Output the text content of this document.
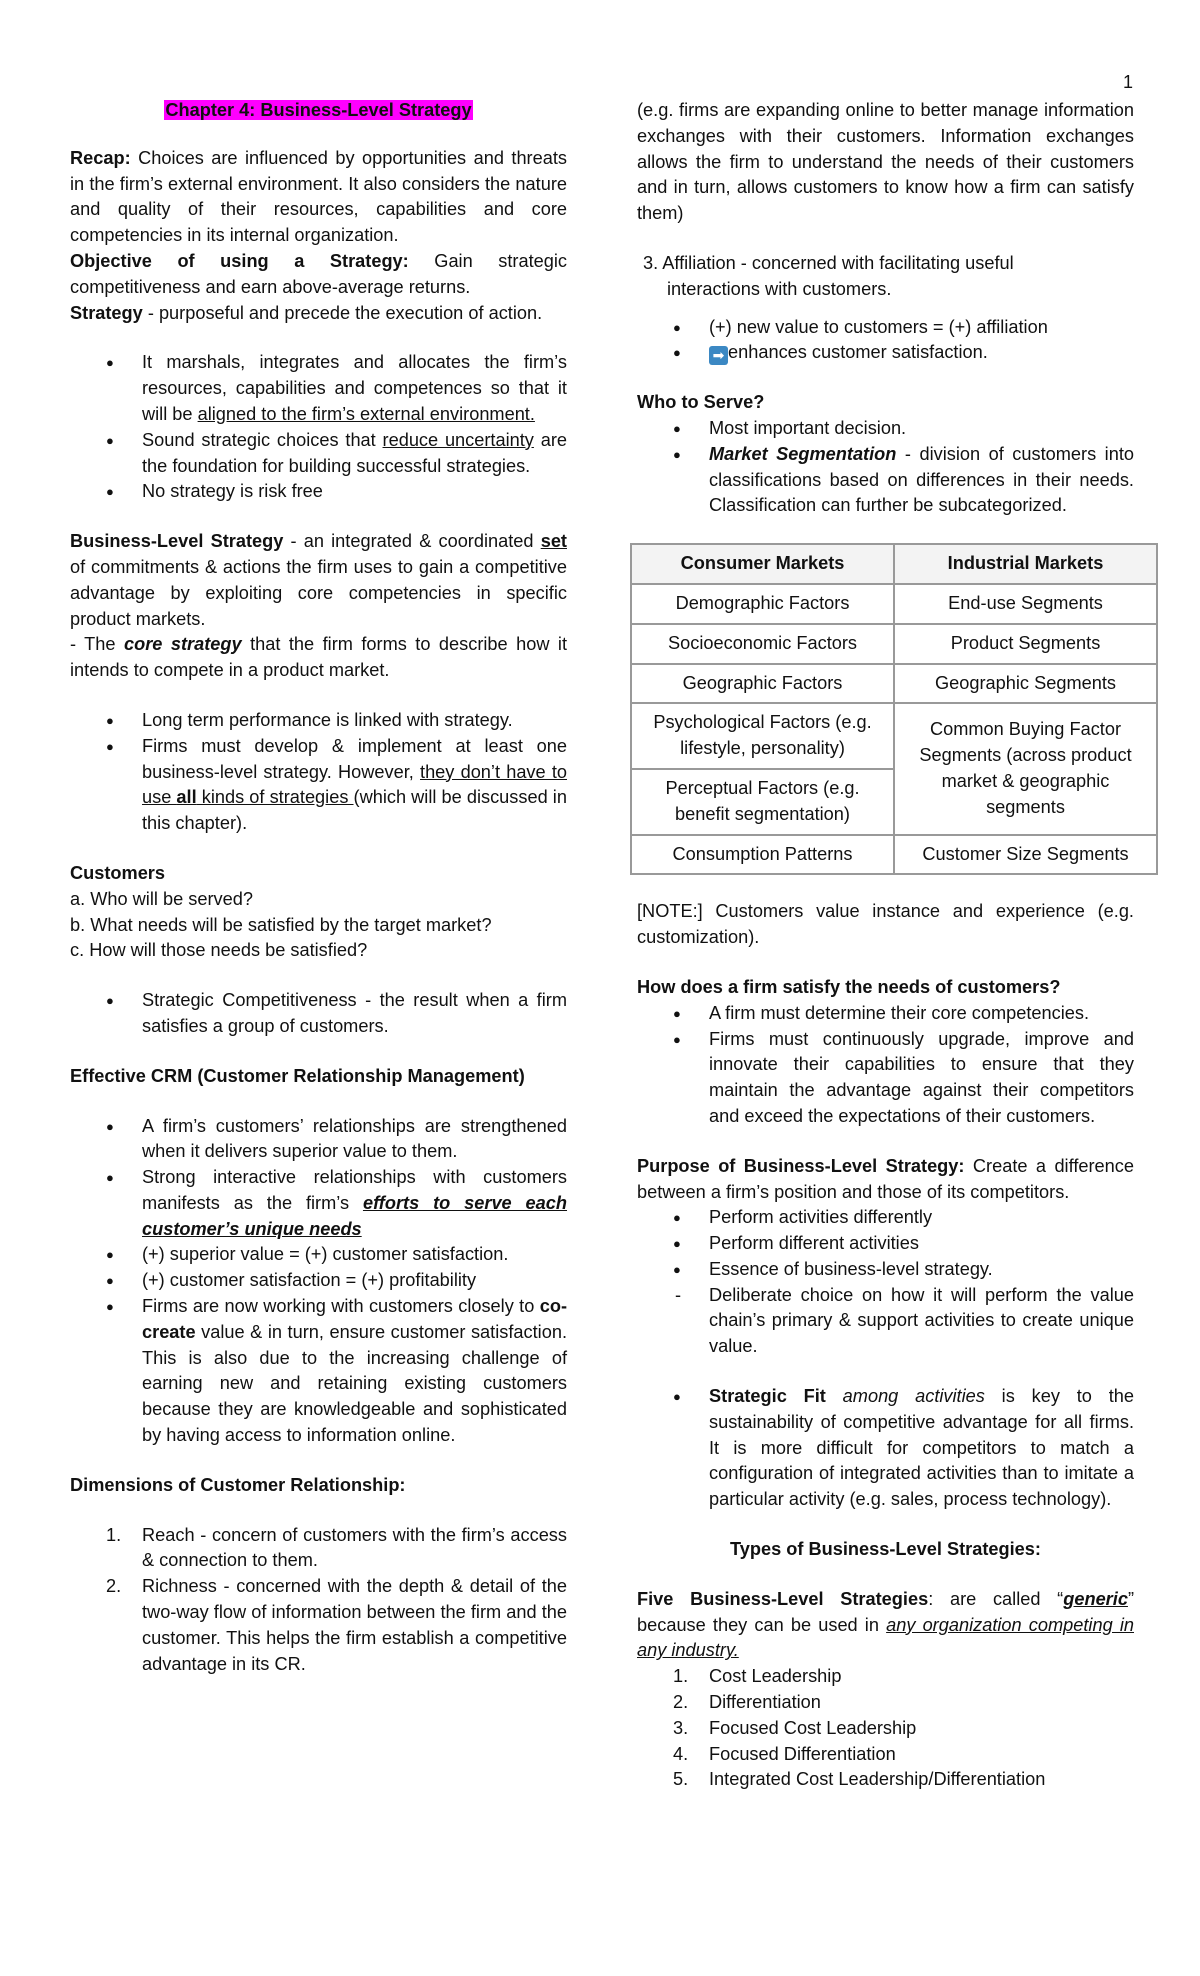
1
Chapter 4: Business-Level Strategy

Recap: Choices are influenced by opportunities and threats in the firm’s external environment. It also considers the nature and quality of their resources, capabilities and core competencies in its internal organization.

Objective of using a Strategy: Gain strategic competitiveness and earn above-average returns.

Strategy - purposeful and precede the execution of action.

● It marshals, integrates and allocates the firm’s resources, capabilities and competences so that it will be aligned to the firm’s external environment.
● Sound strategic choices that reduce uncertainty are the foundation for building successful strategies.
● No strategy is risk free

Business-Level Strategy - an integrated & coordinated set of commitments & actions the firm uses to gain a competitive advantage by exploiting core competencies in specific product markets.

- The core strategy that the firm forms to describe how it intends to compete in a product market.

● Long term performance is linked with strategy.
● Firms must develop & implement at least one business-level strategy. However, they don’t have to use all kinds of strategies (which will be discussed in this chapter).

Customers

a. Who will be served?

b. What needs will be satisfied by the target market?

c. How will those needs be satisfied?

● Strategic Competitiveness - the result when a firm satisfies a group of customers.

Effective CRM (Customer Relationship Management)

● A firm’s customers’ relationships are strengthened when it delivers superior value to them.
● Strong interactive relationships with customers manifests as the firm’s efforts to serve each customer’s unique needs
● (+) superior value = (+) customer satisfaction.
● (+) customer satisfaction = (+) profitability
● Firms are now working with customers closely to co-create value & in turn, ensure customer satisfaction. This is also due to the increasing challenge of earning new and retaining existing customers because they are knowledgeable and sophisticated by having access to information online.

Dimensions of Customer Relationship:

1. Reach - concern of customers with the firm’s access & connection to them.
2. Richness - concerned with the depth & detail of the two-way flow of information between the firm and the customer. This helps the firm establish a competitive advantage in its CR.

(e.g. firms are expanding online to better manage information exchanges with their customers. Information exchanges allows the firm to understand the needs of their customers and in turn, allows customers to know how a firm can satisfy them)

3. Affiliation - concerned with facilitating useful

interactions with customers.

● (+) new value to customers = (+) affiliation
● ➡ enhances customer satisfaction.

Who to Serve?

● Most important decision.
● Market Segmentation - division of customers into classifications based on differences in their needs. Classification can further be subcategorized.
Consumer Markets	Industrial Markets
Demographic Factors	End-use Segments
Socioeconomic Factors	Product Segments
Geographic Factors	Geographic Segments
Psychological Factors (e.g. lifestyle, personality)	Common Buying Factor Segments (across product market & geographic segments
Perceptual Factors (e.g. benefit segmentation)	
Consumption Patterns	Customer Size Segments

[NOTE:] Customers value instance and experience (e.g. customization).

How does a firm satisfy the needs of customers?

● A firm must determine their core competencies.
● Firms must continuously upgrade, improve and innovate their capabilities to ensure that they maintain the advantage against their competitors and exceed the expectations of their customers.

Purpose of Business-Level Strategy: Create a difference between a firm’s position and those of its competitors.

● Perform activities differently
● Perform different activities
● Essence of business-level strategy.
- Deliberate choice on how it will perform the value chain’s primary & support activities to create unique value.
● Strategic Fit among activities is key to the sustainability of competitive advantage for all firms. It is more difficult for competitors to match a configuration of integrated activities than to imitate a particular activity (e.g. sales, process technology).

Types of Business-Level Strategies:

Five Business-Level Strategies: are called “generic” because they can be used in any organization competing in any industry.

1. Cost Leadership
2. Differentiation
3. Focused Cost Leadership
4. Focused Differentiation
5. Integrated Cost Leadership/Differentiation
